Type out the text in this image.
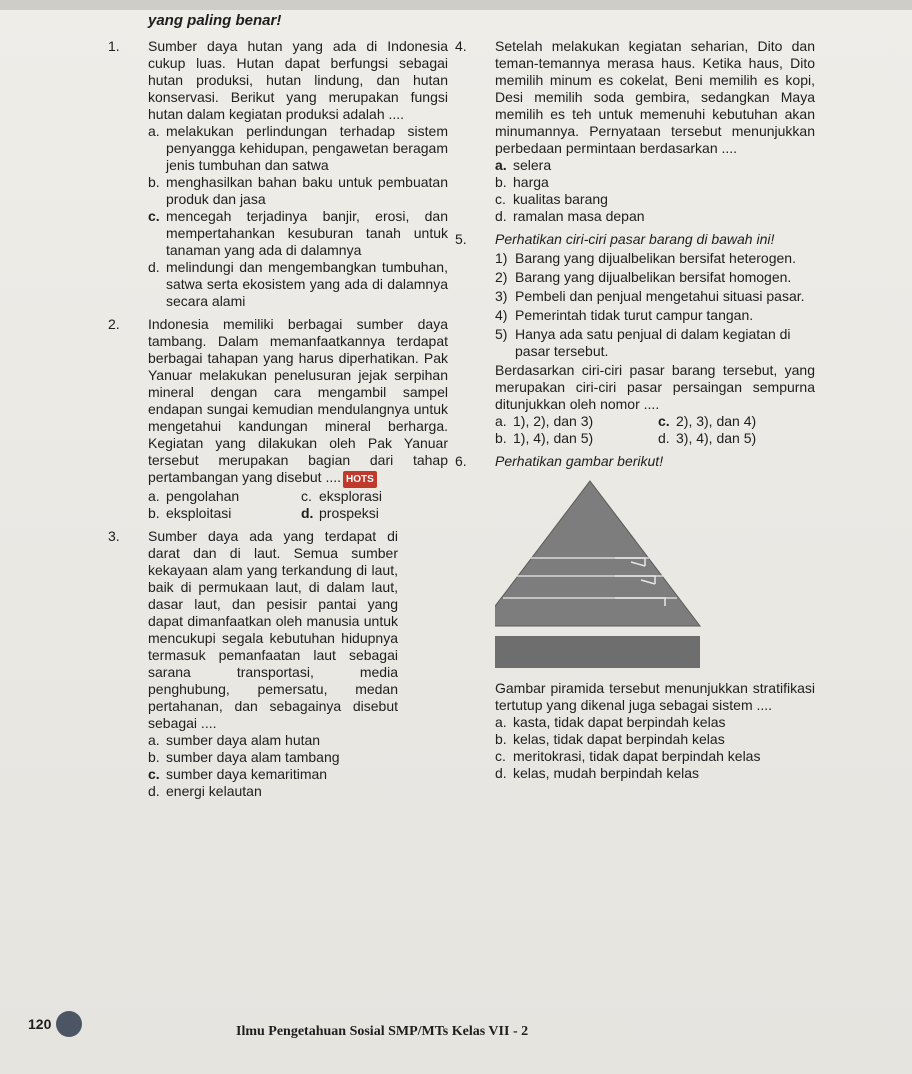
yang paling benar!
1. Sumber daya hutan yang ada di Indonesia cukup luas. Hutan dapat berfungsi sebagai hutan produksi, hutan lindung, dan hutan konservasi. Berikut yang merupakan fungsi hutan dalam kegiatan produksi adalah ....

a. melakukan perlindungan terhadap sistem penyangga kehidupan, pengawetan beragam jenis tumbuhan dan satwa
b. menghasilkan bahan baku untuk pembuatan produk dan jasa
c. mencegah terjadinya banjir, erosi, dan mempertahankan kesuburan tanah untuk tanaman yang ada di dalamnya
d. melindungi dan mengembangkan tumbuhan, satwa serta ekosistem yang ada di dalamnya secara alami
2. Indonesia memiliki berbagai sumber daya tambang. Dalam memanfaatkannya terdapat berbagai tahapan yang harus diperhatikan. Pak Yanuar melakukan penelusuran jejak serpihan mineral dengan cara mengambil sampel endapan sungai kemudian mendulangnya untuk mengetahui kandungan mineral berharga. Kegiatan yang dilakukan oleh Pak Yanuar tersebut merupakan bagian dari tahap pertambangan yang disebut .... HOTS

a. pengolahan	c. eksplorasi
b. eksploitasi	d. prospeksi
3. Sumber daya ada yang terdapat di darat dan di laut. Semua sumber kekayaan alam yang terkandung di laut, baik di permukaan laut, di dalam laut, dasar laut, dan pesisir pantai yang dapat dimanfaatkan oleh manusia untuk mencukupi segala kebutuhan hidupnya termasuk pemanfaatan laut sebagai sarana transportasi, media penghubung, pemersatu, medan pertahanan, dan sebagainya disebut sebagai ....

a. sumber daya alam hutan
b. sumber daya alam tambang
c. sumber daya kemaritiman
d. energi kelautan
4. Setelah melakukan kegiatan seharian, Dito dan teman-temannya merasa haus. Ketika haus, Dito memilih minum es cokelat, Beni memilih es kopi, Desi memilih soda gembira, sedangkan Maya memilih es teh untuk memenuhi kebutuhan akan minumannya. Pernyataan tersebut menunjukkan perbedaan permintaan berdasarkan ....

a. selera
b. harga
c. kualitas barang
d. ramalan masa depan
5. Perhatikan ciri-ciri pasar barang di bawah ini!

1) Barang yang dijualbelikan bersifat heterogen.
2) Barang yang dijualbelikan bersifat homogen.
3) Pembeli dan penjual mengetahui situasi pasar.
4) Pemerintah tidak turut campur tangan.
5) Hanya ada satu penjual di dalam kegiatan di pasar tersebut.

Berdasarkan ciri-ciri pasar barang tersebut, yang merupakan ciri-ciri pasar persaingan sempurna ditunjukkan oleh nomor ....

a. 1), 2), dan 3)	c. 2), 3), dan 4)
b. 1), 4), dan 5)	d. 3), 4), dan 5)
6. Perhatikan gambar berikut!

Gambar piramida tersebut menunjukkan stratifikasi tertutup yang dikenal juga sebagai sistem ....

a. kasta, tidak dapat berpindah kelas
b. kelas, tidak dapat berpindah kelas
c. meritokrasi, tidak dapat berpindah kelas
d. kelas, mudah berpindah kelas
120	Ilmu Pengetahuan Sosial SMP/MTs Kelas VII - 2
